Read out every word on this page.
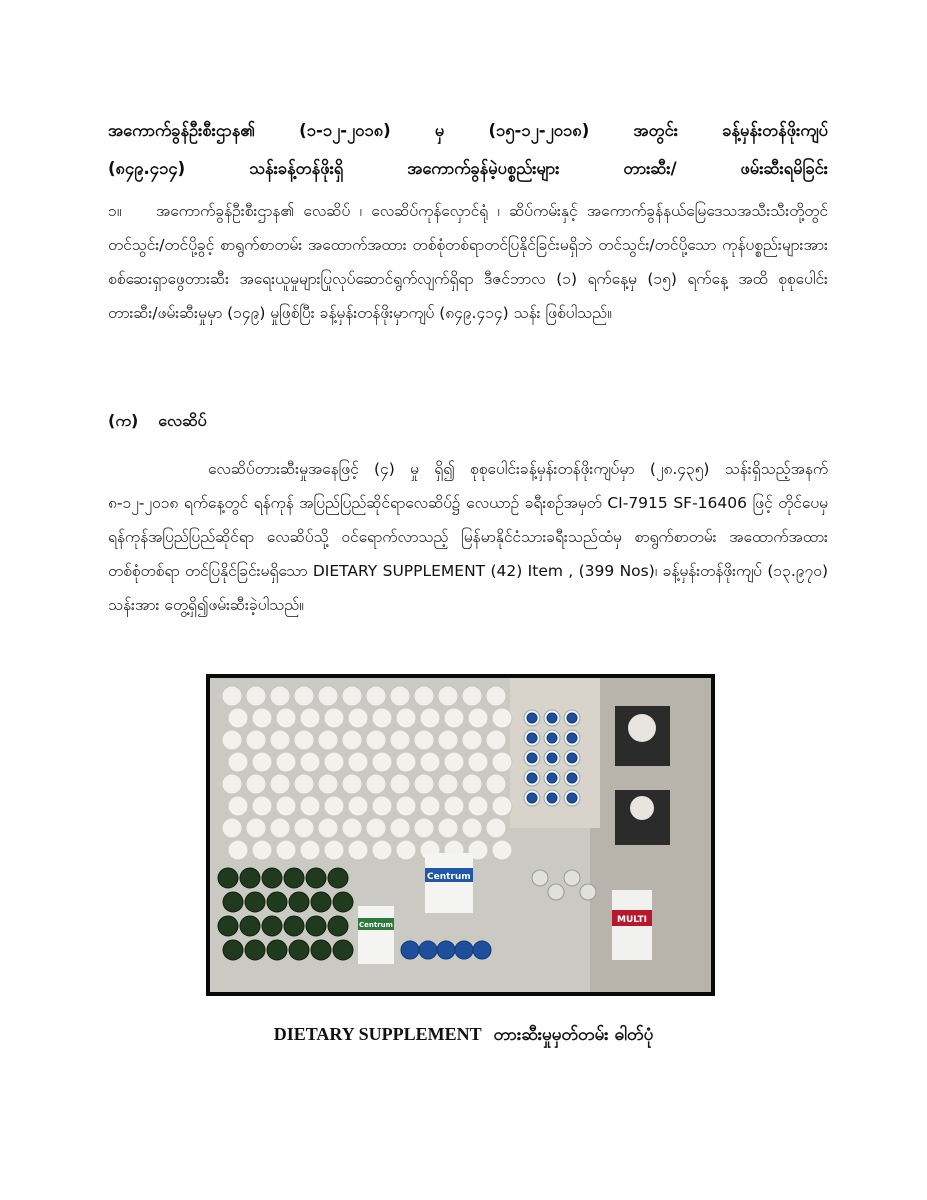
အကောက်ခွန်ဦးစီးဌာန၏ (၁-၁၂-၂၀၁၈) မှ (၁၅-၁၂-၂၀၁၈) အတွင်း ခန့်မှန်းတန်ဖိုးကျပ်
(၈၄၉.၄၁၄) သန်းခန့်တန်ဖိုးရှိ အကောက်ခွန်မဲ့ပစ္စည်းများ တားဆီး/ ဖမ်းဆီးရမိခြင်း
၁။ အကောက်ခွန်ဦးစီးဌာန၏ လေဆိပ် ၊ လေဆိပ်ကုန်လှောင်ရုံ ၊ ဆိပ်ကမ်းနှင့် အကောက်ခွန်နယ်မြေဒေသအသီးသီးတို့တွင် တင်သွင်း/တင်ပို့ခွင့် စာရွက်စာတမ်း အထောက်အထား တစ်စုံတစ်ရာတင်ပြနိုင်ခြင်းမရှိဘဲ တင်သွင်း/တင်ပို့သော ကုန်ပစ္စည်းများအား စစ်ဆေးရှာဖွေတားဆီး အရေးယူမှုများပြုလုပ်ဆောင်ရွက်လျက်ရှိရာ ဒီဇင်ဘာလ (၁) ရက်နေ့မှ (၁၅) ရက်နေ့ အထိ စုစုပေါင်း တားဆီး/ဖမ်းဆီးမှုမှာ (၁၄၉) မှုဖြစ်ပြီး ခန့်မှန်းတန်ဖိုးမှာကျပ် (၈၄၉.၄၁၄) သန်း ဖြစ်ပါသည်။
(က) လေဆိပ်
လေဆိပ်တားဆီးမှုအနေဖြင့် (၄) မှု ရှိ၍ စုစုပေါင်းခန့်မှန်းတန်ဖိုးကျပ်မှာ (၂၈.၄၃၅) သန်းရှိသည့်အနက် ၈-၁၂-၂၀၁၈ ရက်နေ့တွင် ရန်ကုန် အပြည်ပြည်ဆိုင်ရာလေဆိပ်၌ လေယာဉ် ခရီးစဉ်အမှတ် CI-7915 SF-16406 ဖြင့် တိုင်ပေမှ ရန်ကုန်အပြည်ပြည်ဆိုင်ရာ လေဆိပ်သို့ ဝင်ရောက်လာသည့် မြန်မာနိုင်ငံသားခရီးသည်ထံမှ စာရွက်စာတမ်း အထောက်အထား တစ်စုံတစ်ရာ တင်ပြနိုင်ခြင်းမရှိသော DIETARY SUPPLEMENT (42) Item , (399 Nos)၊ ခန့်မှန်းတန်ဖိုးကျပ် (၁၃.၉၇၀) သန်းအား တွေ့ရှိ၍ဖမ်းဆီးခဲ့ပါသည်။
Centrum
Centrum	MULTI
DIETARY SUPPLEMENT တားဆီးမှုမှတ်တမ်း ဓါတ်ပုံ
